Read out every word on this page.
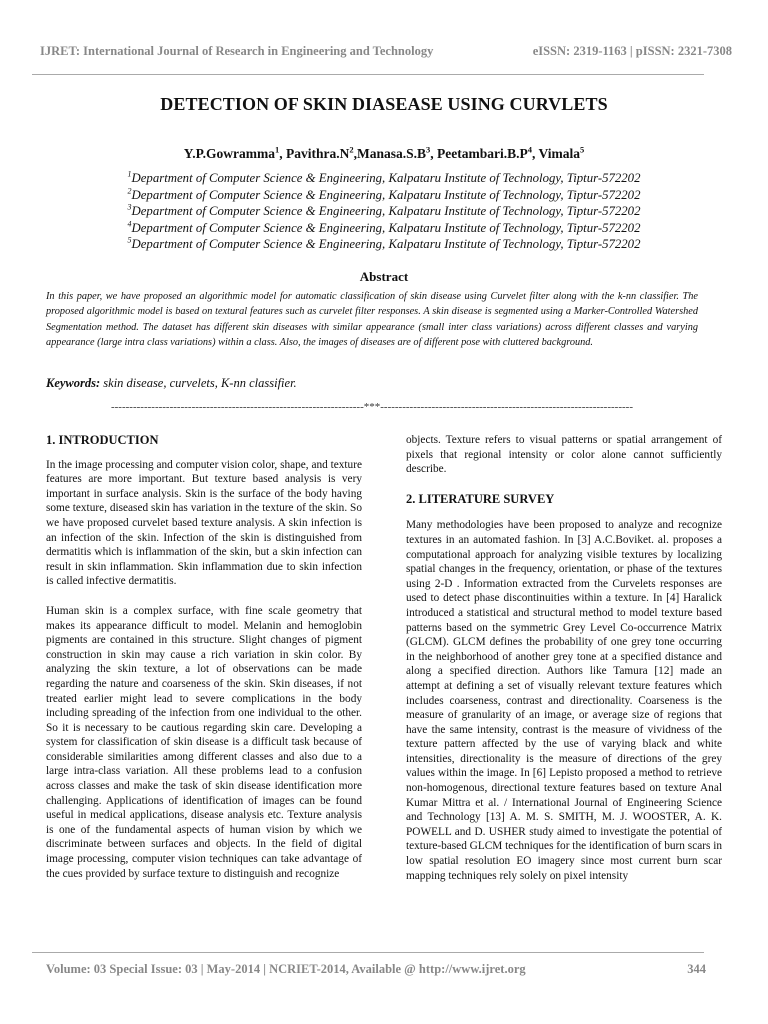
IJRET: International Journal of Research in Engineering and Technology	eISSN: 2319-1163 | pISSN: 2321-7308
DETECTION OF SKIN DIASEASE USING CURVLETS
Y.P.Gowramma$^1$, $Pavithra.N^2,Manasa.S.B^3$, $Peetambari.B.P^4$, Vimala$^5$
$^1$Department of Computer Science & Engineering, Kalpataru Institute of Technology, Tiptur-572202
$^2$Department of Computer Science & Engineering, Kalpataru Institute of Technology, Tiptur-572202
$^3$Department of Computer Science & Engineering, Kalpataru Institute of Technology, Tiptur-572202
$^4$Department of Computer Science & Engineering, Kalpataru Institute of Technology, Tiptur-572202
$^5$Department of Computer Science & Engineering, Kalpataru Institute of Technology, Tiptur-572202
Abstract
In this paper, we have proposed an algorithmic model for automatic classification of skin disease using Curvelet filter along with the k-nn classifier. The proposed algorithmic model is based on textural features such as curvelet filter responses. A skin disease is segmented using a Marker-Controlled Watershed Segmentation method. The dataset has different skin diseases with similar appearance (small inter class variations) across different classes and varying appearance (large intra class variations) within a class. Also, the images of diseases are of different pose with cluttered background.
Keywords: skin disease, curvelets, K-nn classifier.
---------------------------------------------------------------------***---------------------------------------------------------------------
1. INTRODUCTION

In the image processing and computer vision color, shape, and texture features are more important. But texture based analysis is very important in surface analysis. Skin is the surface of the body having some texture, diseased skin has variation in the texture of the skin. So we have proposed curvelet based texture analysis. A skin infection is an infection of the skin. Infection of the skin is distinguished from dermatitis which is inflammation of the skin, but a skin infection can result in skin inflammation. Skin inflammation due to skin infection is called infective dermatitis.

Human skin is a complex surface, with fine scale geometry that makes its appearance difficult to model. Melanin and hemoglobin pigments are contained in this structure. Slight changes of pigment construction in skin may cause a rich variation in skin color. By analyzing the skin texture, a lot of observations can be made regarding the nature and coarseness of the skin. Skin diseases, if not treated earlier might lead to severe complications in the body including spreading of the infection from one individual to the other. So it is necessary to be cautious regarding skin care. Developing a system for classification of skin disease is a difficult task because of considerable similarities among different classes and also due to a large intra-class variation. All these problems lead to a confusion across classes and make the task of skin disease identification more challenging. Applications of identification of images can be found useful in medical applications, disease analysis etc. Texture analysis is one of the fundamental aspects of human vision by which we discriminate between surfaces and objects. In the field of digital image processing, computer vision techniques can take advantage of the cues provided by surface texture to distinguish and recognize

objects. Texture refers to visual patterns or spatial arrangement of pixels that regional intensity or color alone cannot sufficiently describe.

2. LITERATURE SURVEY

Many methodologies have been proposed to analyze and recognize textures in an automated fashion. In [3] A.C.Boviket. al. proposes a computational approach for analyzing visible textures by localizing spatial changes in the frequency, orientation, or phase of the textures using 2-D . Information extracted from the Curvelets responses are used to detect phase discontinuities within a texture. In [4] Haralick introduced a statistical and structural method to model texture based patterns based on the symmetric Grey Level Co-occurrence Matrix (GLCM). GLCM defines the probability of one grey tone occurring in the neighborhood of another grey tone at a specified distance and along a specified direction. Authors like Tamura [12] made an attempt at defining a set of visually relevant texture features which includes coarseness, contrast and directionality. Coarseness is the measure of granularity of an image, or average size of regions that have the same intensity, contrast is the measure of vividness of the texture pattern affected by the use of varying black and white intensities, directionality is the measure of directions of the grey values within the image. In [6] Lepisto proposed a method to retrieve non-homogenous, directional texture features based on texture Anal Kumar Mittra et al. / International Journal of Engineering Science and Technology [13] A. M. S. SMITH, M. J. WOOSTER, A. K. POWELL and D. USHER study aimed to investigate the potential of texture-based GLCM techniques for the identification of burn scars in low spatial resolution EO imagery since most current burn scar mapping techniques rely solely on pixel intensity

Volume: 03 Special Issue: 03 | May-2014 | NCRIET-2014, Available @ http://www.ijret.org	344
